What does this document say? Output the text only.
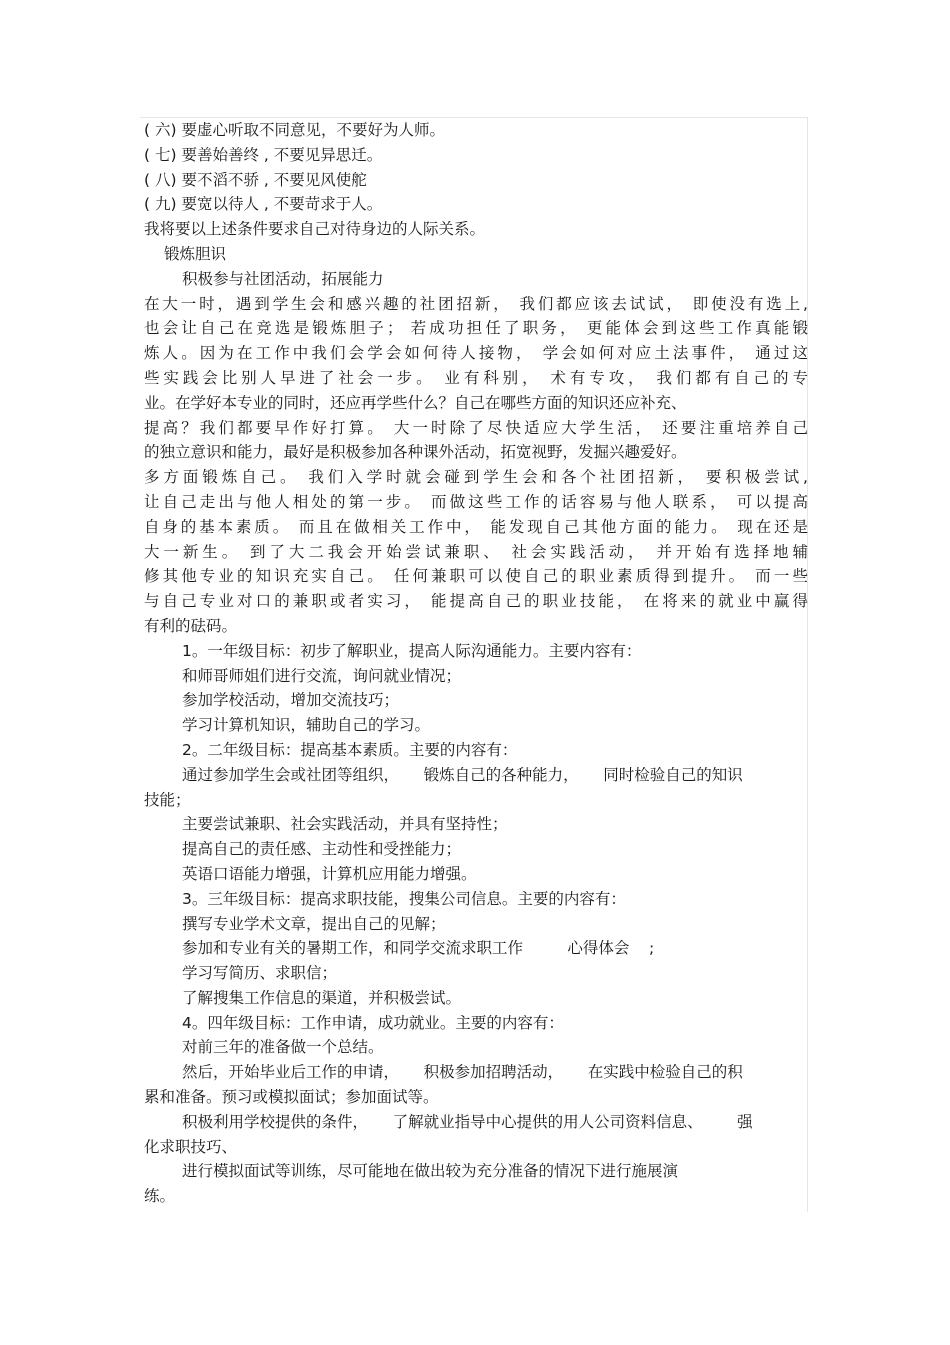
( 六) 要虚心听取不同意见，不要好为人师。
( 七) 要善始善终 , 不要见异思迁。
( 八) 要不滔不骄 , 不要见风使舵
( 九) 要宽以待人 , 不要苛求于人。
我将要以上述条件要求自己对待身边的人际关系。
锻炼胆识
积极参与社团活动，拓展能力
在大一时，遇到学生会和感兴趣的社团招新， 我们都应该去试试， 即使没有选上,
也会让自己在竞选是锻炼胆子； 若成功担任了职务， 更能体会到这些工作真能锻
炼人。因为在工作中我们会学会如何待人接物， 学会如何对应土法事件， 通过这
些实践会比别人早进了社会一步。 业有科别， 术有专攻， 我们都有自己的专
业。在学好本专业的同时，还应再学些什么？自己在哪些方面的知识还应补充、
提高？我们都要早作好打算。 大一时除了尽快适应大学生活， 还要注重培养自己
的独立意识和能力，最好是积极参加各种课外活动，拓宽视野，发掘兴趣爱好。
多方面锻炼自己。 我们入学时就会碰到学生会和各个社团招新， 要积极尝试,
让自己走出与他人相处的第一步。 而做这些工作的话容易与他人联系， 可以提高
自身的基本素质。 而且在做相关工作中， 能发现自己其他方面的能力。 现在还是
大一新生。 到了大二我会开始尝试兼职、 社会实践活动， 并开始有选择地辅
修其他专业的知识充实自己。 任何兼职可以使自己的职业素质得到提升。 而一些
与自己专业对口的兼职或者实习， 能提高自己的职业技能， 在将来的就业中赢得
有利的砝码。
1。一年级目标：初步了解职业，提高人际沟通能力。主要内容有：
和师哥师姐们进行交流，询问就业情况；
参加学校活动，增加交流技巧；
学习计算机知识，辅助自己的学习。
2。二年级目标：提高基本素质。主要的内容有：
通过参加学生会或社团等组织，     锻炼自己的各种能力，     同时检验自己的知识
技能；
主要尝试兼职、社会实践活动，并具有坚持性；
提高自己的责任感、主动性和受挫能力；
英语口语能力增强，计算机应用能力增强。
3。三年级目标：提高求职技能，搜集公司信息。主要的内容有：
撰写专业学术文章，提出自己的见解；
参加和专业有关的暑期工作，和同学交流求职工作         心得体会    ;
学习写简历、求职信；
了解搜集工作信息的渠道，并积极尝试。
4。四年级目标：工作申请，成功就业。主要的内容有：
对前三年的准备做一个总结。
然后，开始毕业后工作的申请，     积极参加招聘活动，     在实践中检验自己的积
累和准备。预习或模拟面试；参加面试等。
积极利用学校提供的条件，     了解就业指导中心提供的用人公司资料信息、       强
化求职技巧、
进行模拟面试等训练，尽可能地在做出较为充分准备的情况下进行施展演
练。
